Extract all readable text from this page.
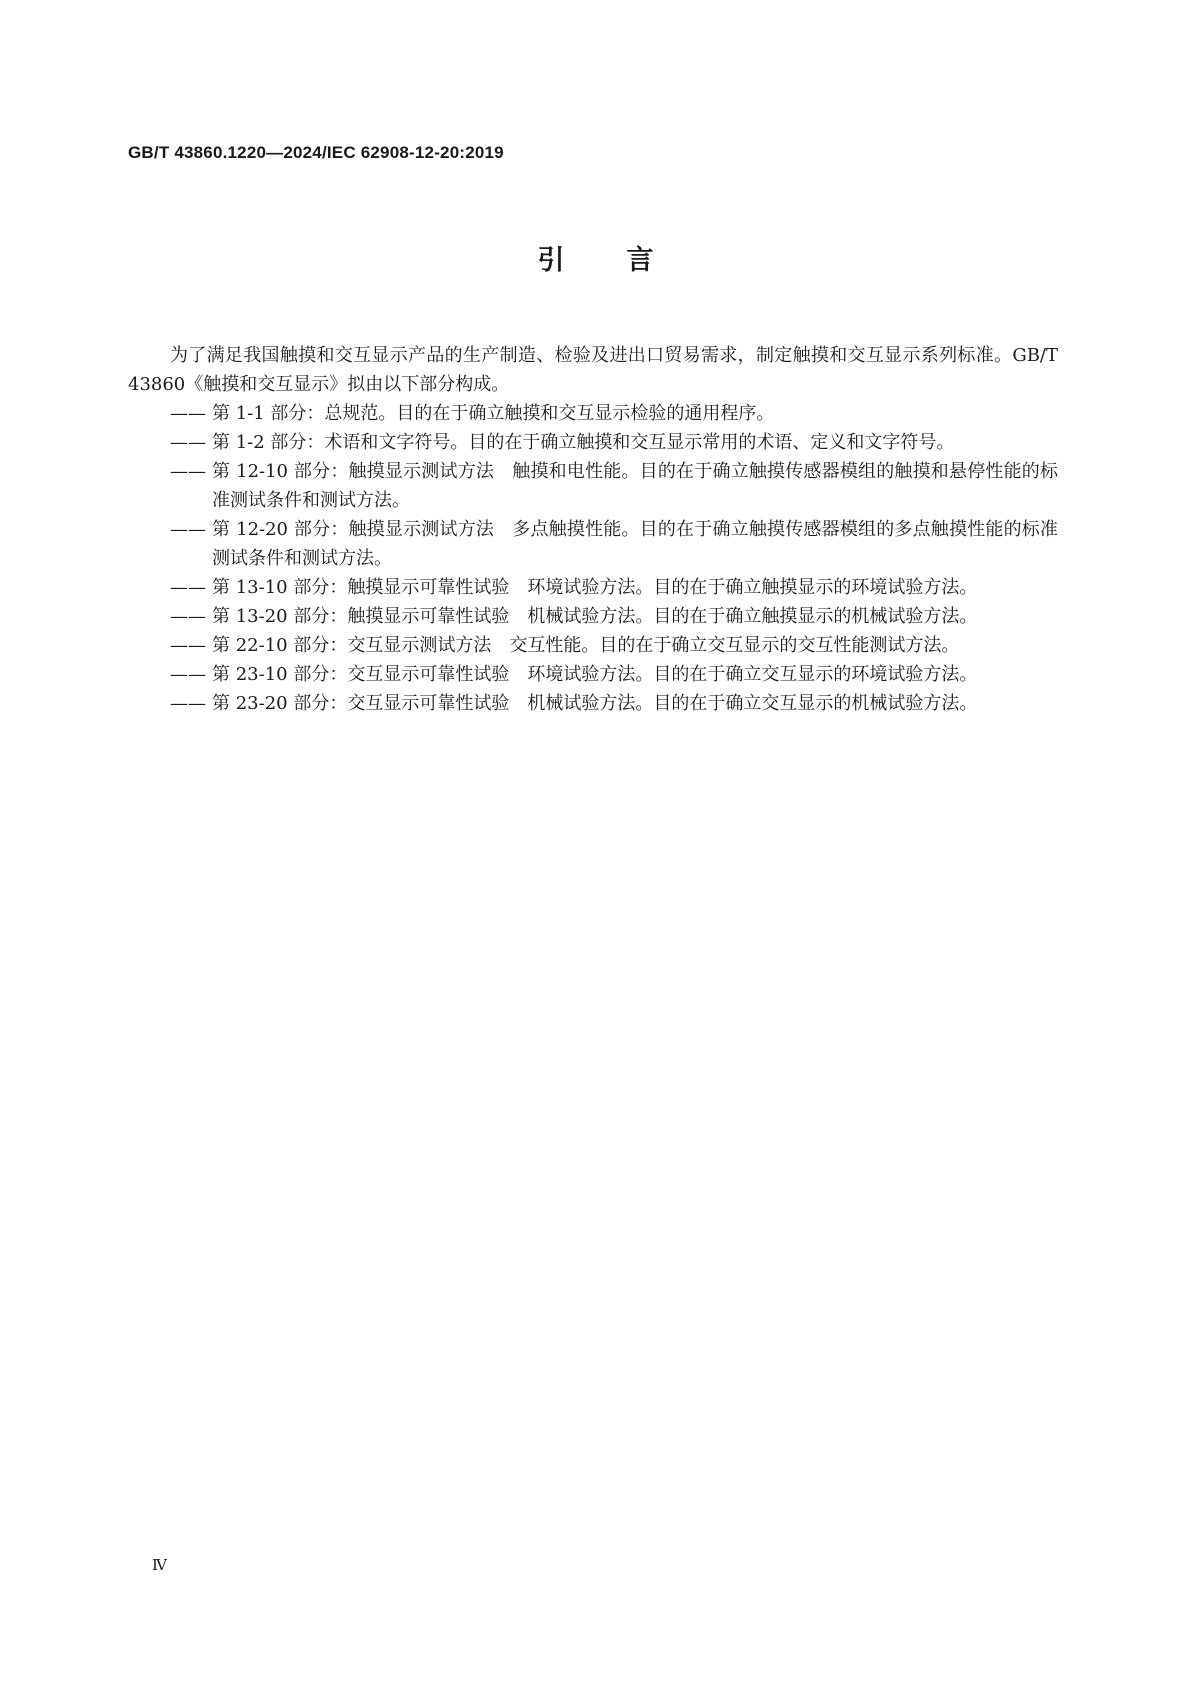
GB/T 43860.1220—2024/IEC 62908-12-20:2019
引言

为了满足我国触摸和交互显示产品的生产制造、检验及进出口贸易需求，制定触摸和交互显示系列标准。GB/T 43860《触摸和交互显示》拟由以下部分构成。

—— 第 1-1 部分：总规范。目的在于确立触摸和交互显示检验的通用程序。
—— 第 1-2 部分：术语和文字符号。目的在于确立触摸和交互显示常用的术语、定义和文字符号。
—— 第 12-10 部分：触摸显示测试方法　触摸和电性能。目的在于确立触摸传感器模组的触摸和悬停性能的标准测试条件和测试方法。
—— 第 12-20 部分：触摸显示测试方法　多点触摸性能。目的在于确立触摸传感器模组的多点触摸性能的标准测试条件和测试方法。
—— 第 13-10 部分：触摸显示可靠性试验　环境试验方法。目的在于确立触摸显示的环境试验方法。
—— 第 13-20 部分：触摸显示可靠性试验　机械试验方法。目的在于确立触摸显示的机械试验方法。
—— 第 22-10 部分：交互显示测试方法　交互性能。目的在于确立交互显示的交互性能测试方法。
—— 第 23-10 部分：交互显示可靠性试验　环境试验方法。目的在于确立交互显示的环境试验方法。
—— 第 23-20 部分：交互显示可靠性试验　机械试验方法。目的在于确立交互显示的机械试验方法。
Ⅳ
